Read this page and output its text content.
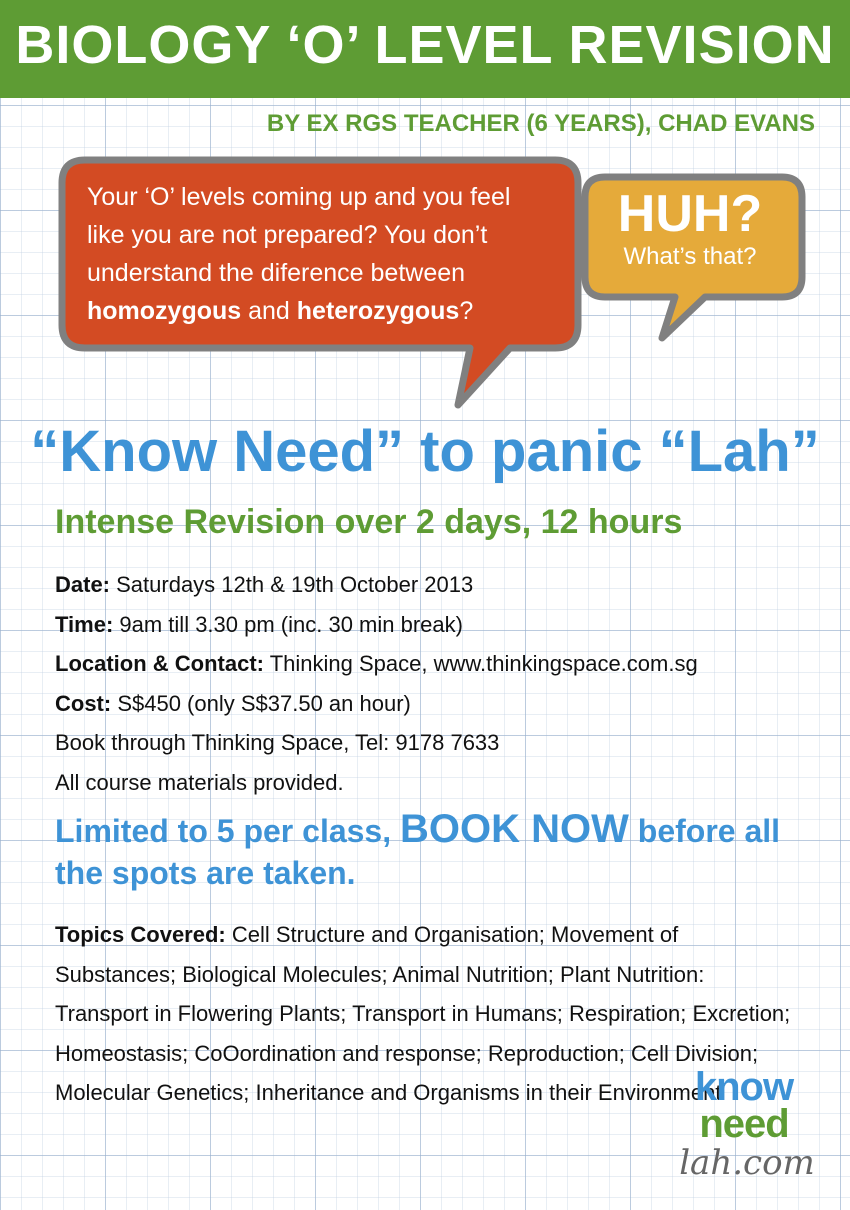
BIOLOGY ‘O’ LEVEL REVISION
BY EX RGS TEACHER (6 YEARS), CHAD EVANS
Your ‘O’ levels coming up and you feel
like you are not prepared? You don’t
understand the diference between
homozygous and heterozygous?
HUH?
What’s that?
“Know Need” to panic “Lah”
Intense Revision over 2 days, 12 hours
Date: Saturdays 12th & 19th October 2013
Time: 9am till 3.30 pm (inc. 30 min break)
Location & Contact: Thinking Space, www.thinkingspace.com.sg
Cost: S$450 (only S$37.50 an hour)
Book through Thinking Space, Tel: 9178 7633
All course materials provided.
Limited to 5 per class, BOOK NOW before all the spots are taken.
Topics Covered: Cell Structure and Organisation; Movement of Substances; Biological Molecules; Animal Nutrition; Plant Nutrition: Transport in Flowering Plants; Transport in Humans; Respiration; Excretion; Homeostasis; CoOordination and response; Reproduction; Cell Division; Molecular Genetics; Inheritance and Organisms in their Environment
know
need
lah.com
